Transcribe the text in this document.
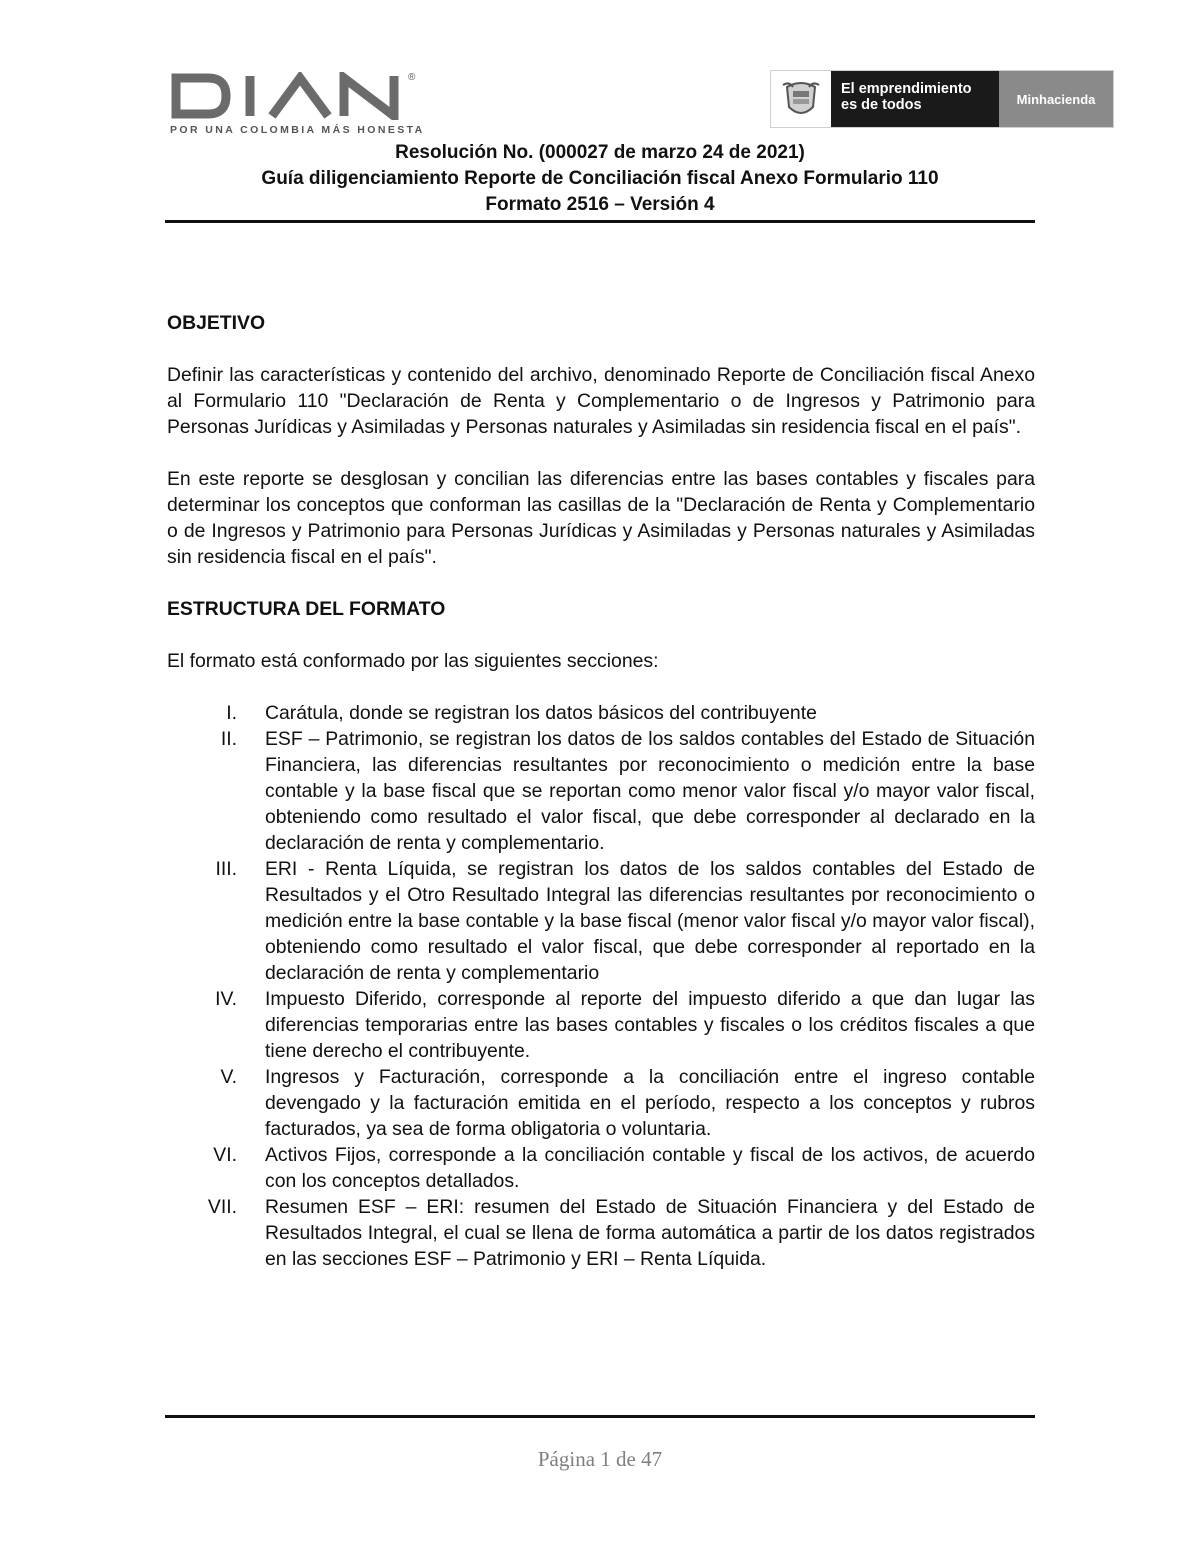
®
POR UNA COLOMBIA MÁS HONESTA
El emprendimiento
es de todos	Minhacienda
Resolución No. (000027 de marzo 24 de 2021)
Guía diligenciamiento Reporte de Conciliación fiscal Anexo Formulario 110
Formato 2516 – Versión 4
OBJETIVO

Definir las características y contenido del archivo, denominado Reporte de Conciliación fiscal Anexo al Formulario 110 "Declaración de Renta y Complementario o de Ingresos y Patrimonio para Personas Jurídicas y Asimiladas y Personas naturales y Asimiladas sin residencia fiscal en el país".

En este reporte se desglosan y concilian las diferencias entre las bases contables y fiscales para determinar los conceptos que conforman las casillas de la "Declaración de Renta y Complementario o de Ingresos y Patrimonio para Personas Jurídicas y Asimiladas y Personas naturales y Asimiladas sin residencia fiscal en el país".

ESTRUCTURA DEL FORMATO

El formato está conformado por las siguientes secciones:

I.	Carátula, donde se registran los datos básicos del contribuyente
II.	ESF – Patrimonio, se registran los datos de los saldos contables del Estado de Situación Financiera, las diferencias resultantes por reconocimiento o medición entre la base contable y la base fiscal que se reportan como menor valor fiscal y/o mayor valor fiscal, obteniendo como resultado el valor fiscal, que debe corresponder al declarado en la declaración de renta y complementario.
III.	ERI - Renta Líquida, se registran los datos de los saldos contables del Estado de Resultados y el Otro Resultado Integral las diferencias resultantes por reconocimiento o medición entre la base contable y la base fiscal (menor valor fiscal y/o mayor valor fiscal), obteniendo como resultado el valor fiscal, que debe corresponder al reportado en la declaración de renta y complementario
IV.	Impuesto Diferido, corresponde al reporte del impuesto diferido a que dan lugar las diferencias temporarias entre las bases contables y fiscales o los créditos fiscales a que tiene derecho el contribuyente.
V.	Ingresos y Facturación, corresponde a la conciliación entre el ingreso contable devengado y la facturación emitida en el período, respecto a los conceptos y rubros facturados, ya sea de forma obligatoria o voluntaria.
VI.	Activos Fijos, corresponde a la conciliación contable y fiscal de los activos, de acuerdo con los conceptos detallados.
VII.	Resumen ESF – ERI: resumen del Estado de Situación Financiera y del Estado de Resultados Integral, el cual se llena de forma automática a partir de los datos registrados en las secciones ESF – Patrimonio y ERI – Renta Líquida.
Página 1 de 47
